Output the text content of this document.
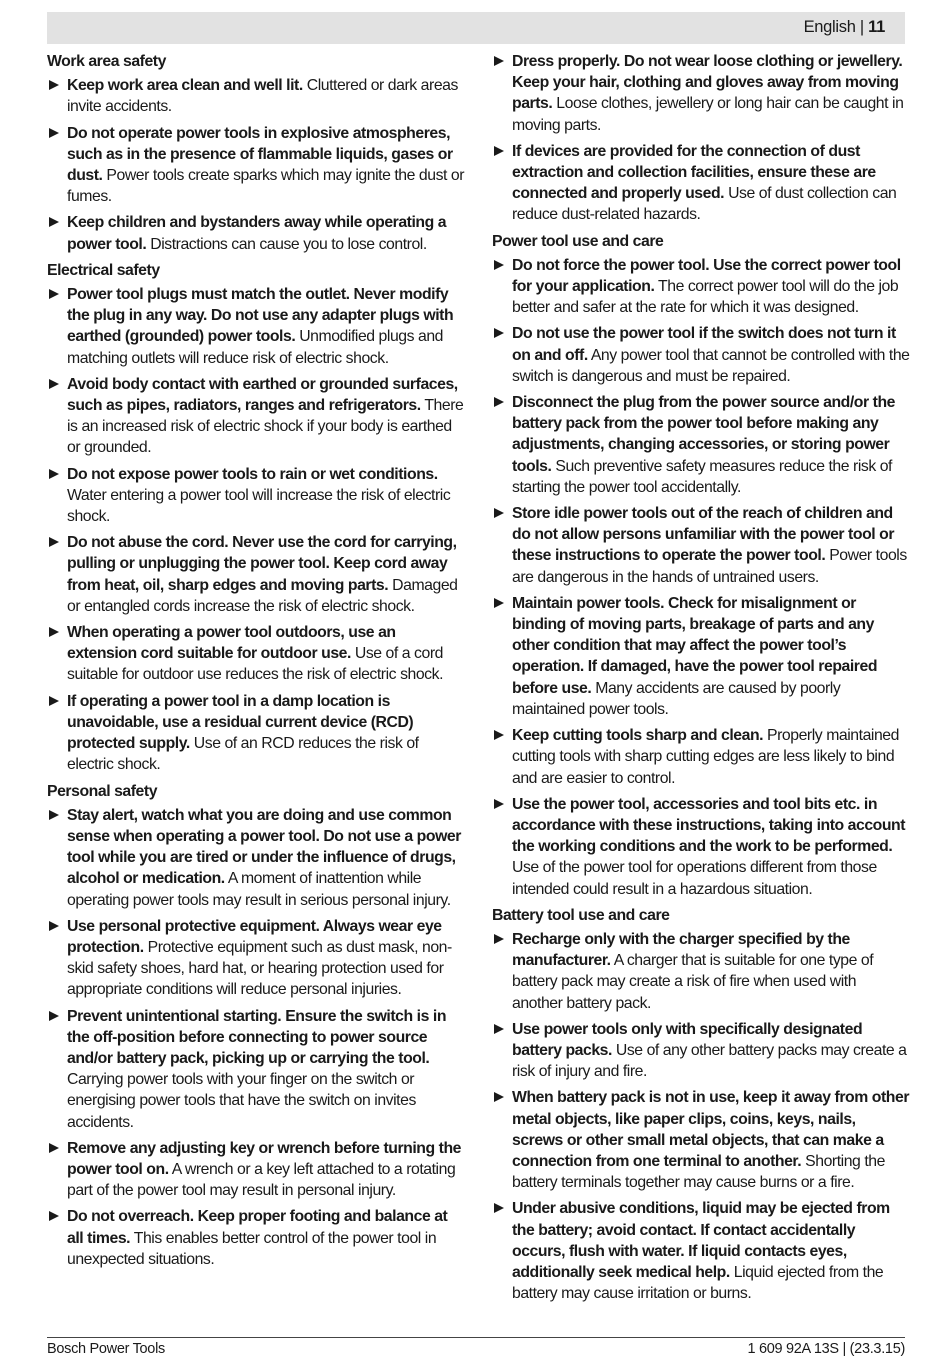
English | 11
Work area safety
Keep work area clean and well lit. Cluttered or dark areas invite accidents.
Do not operate power tools in explosive atmospheres, such as in the presence of flammable liquids, gases or dust. Power tools create sparks which may ignite the dust or fumes.
Keep children and bystanders away while operating a power tool. Distractions can cause you to lose control.
Electrical safety
Power tool plugs must match the outlet. Never modify the plug in any way. Do not use any adapter plugs with earthed (grounded) power tools. Unmodified plugs and matching outlets will reduce risk of electric shock.
Avoid body contact with earthed or grounded surfaces, such as pipes, radiators, ranges and refrigerators. There is an increased risk of electric shock if your body is earthed or grounded.
Do not expose power tools to rain or wet conditions. Water entering a power tool will increase the risk of electric shock.
Do not abuse the cord. Never use the cord for carrying, pulling or unplugging the power tool. Keep cord away from heat, oil, sharp edges and moving parts. Damaged or entangled cords increase the risk of electric shock.
When operating a power tool outdoors, use an extension cord suitable for outdoor use. Use of a cord suitable for outdoor use reduces the risk of electric shock.
If operating a power tool in a damp location is unavoidable, use a residual current device (RCD) protected supply. Use of an RCD reduces the risk of electric shock.
Personal safety
Stay alert, watch what you are doing and use common sense when operating a power tool. Do not use a power tool while you are tired or under the influence of drugs, alcohol or medication. A moment of inattention while operating power tools may result in serious personal injury.
Use personal protective equipment. Always wear eye protection. Protective equipment such as dust mask, non-skid safety shoes, hard hat, or hearing protection used for appropriate conditions will reduce personal injuries.
Prevent unintentional starting. Ensure the switch is in the off-position before connecting to power source and/or battery pack, picking up or carrying the tool. Carrying power tools with your finger on the switch or energising power tools that have the switch on invites accidents.
Remove any adjusting key or wrench before turning the power tool on. A wrench or a key left attached to a rotating part of the power tool may result in personal injury.
Do not overreach. Keep proper footing and balance at all times. This enables better control of the power tool in unexpected situations.
Dress properly. Do not wear loose clothing or jewellery. Keep your hair, clothing and gloves away from moving parts. Loose clothes, jewellery or long hair can be caught in moving parts.
If devices are provided for the connection of dust extraction and collection facilities, ensure these are connected and properly used. Use of dust collection can reduce dust-related hazards.
Power tool use and care
Do not force the power tool. Use the correct power tool for your application. The correct power tool will do the job better and safer at the rate for which it was designed.
Do not use the power tool if the switch does not turn it on and off. Any power tool that cannot be controlled with the switch is dangerous and must be repaired.
Disconnect the plug from the power source and/or the battery pack from the power tool before making any adjustments, changing accessories, or storing power tools. Such preventive safety measures reduce the risk of starting the power tool accidentally.
Store idle power tools out of the reach of children and do not allow persons unfamiliar with the power tool or these instructions to operate the power tool. Power tools are dangerous in the hands of untrained users.
Maintain power tools. Check for misalignment or binding of moving parts, breakage of parts and any other condition that may affect the power tool’s operation. If damaged, have the power tool repaired before use. Many accidents are caused by poorly maintained power tools.
Keep cutting tools sharp and clean. Properly maintained cutting tools with sharp cutting edges are less likely to bind and are easier to control.
Use the power tool, accessories and tool bits etc. in accordance with these instructions, taking into account the working conditions and the work to be performed. Use of the power tool for operations different from those intended could result in a hazardous situation.
Battery tool use and care
Recharge only with the charger specified by the manufacturer. A charger that is suitable for one type of battery pack may create a risk of fire when used with another battery pack.
Use power tools only with specifically designated battery packs. Use of any other battery packs may create a risk of injury and fire.
When battery pack is not in use, keep it away from other metal objects, like paper clips, coins, keys, nails, screws or other small metal objects, that can make a connection from one terminal to another. Shorting the battery terminals together may cause burns or a fire.
Under abusive conditions, liquid may be ejected from the battery; avoid contact. If contact accidentally occurs, flush with water. If liquid contacts eyes, additionally seek medical help. Liquid ejected from the battery may cause irritation or burns.
Bosch Power Tools	1 609 92A 13S | (23.3.15)
